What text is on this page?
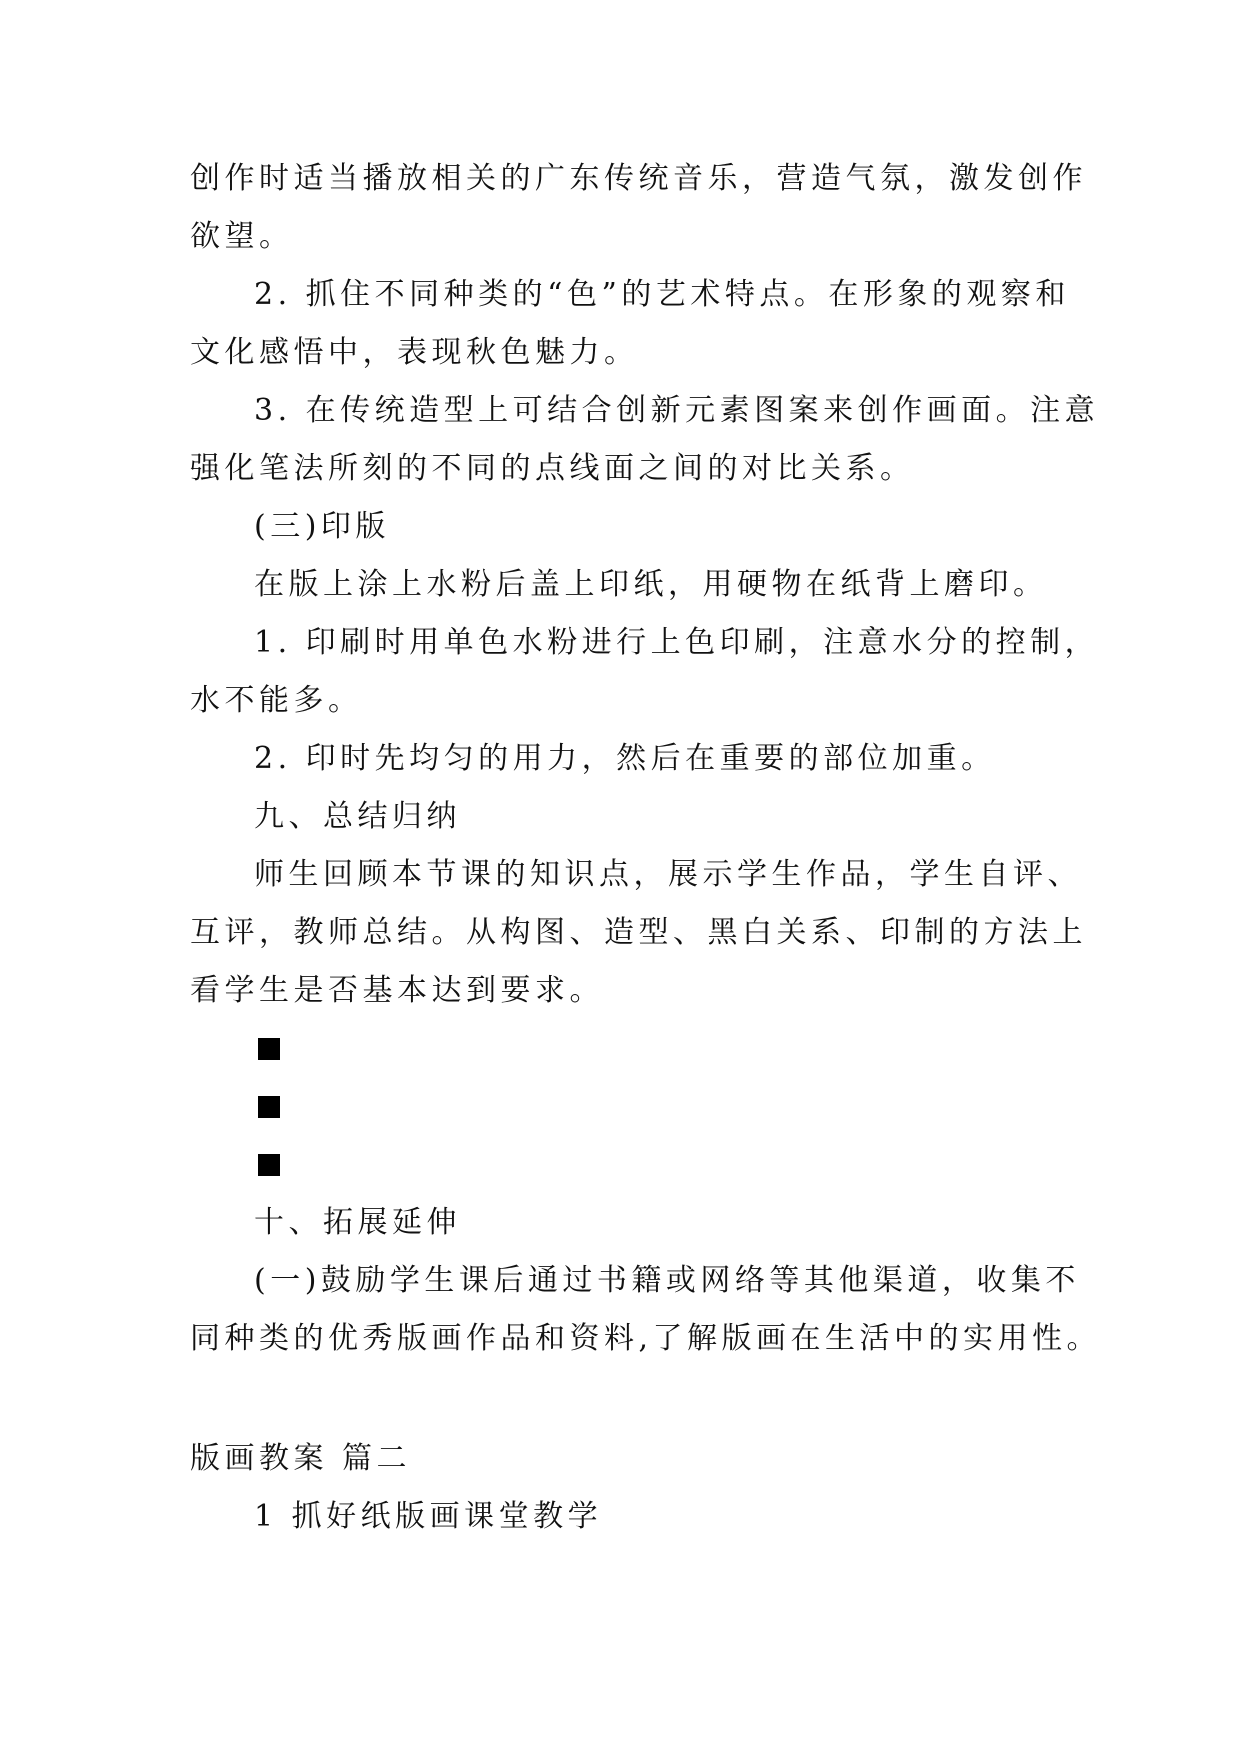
创作时适当播放相关的广东传统音乐，营造气氛，激发创作
欲望。
2. 抓住不同种类的“色”的艺术特点。在形象的观察和
文化感悟中，表现秋色魅力。
3. 在传统造型上可结合创新元素图案来创作画面。注意
强化笔法所刻的不同的点线面之间的对比关系。
(三)印版
在版上涂上水粉后盖上印纸，用硬物在纸背上磨印。
1. 印刷时用单色水粉进行上色印刷，注意水分的控制，
水不能多。
2. 印时先均匀的用力，然后在重要的部位加重。
九、总结归纳
师生回顾本节课的知识点，展示学生作品，学生自评、
互评，教师总结。从构图、造型、黑白关系、印制的方法上
看学生是否基本达到要求。
十、拓展延伸
(一)鼓励学生课后通过书籍或网络等其他渠道，收集不
同种类的优秀版画作品和资料,了解版画在生活中的实用性。
版画教案 篇二
1 抓好纸版画课堂教学
